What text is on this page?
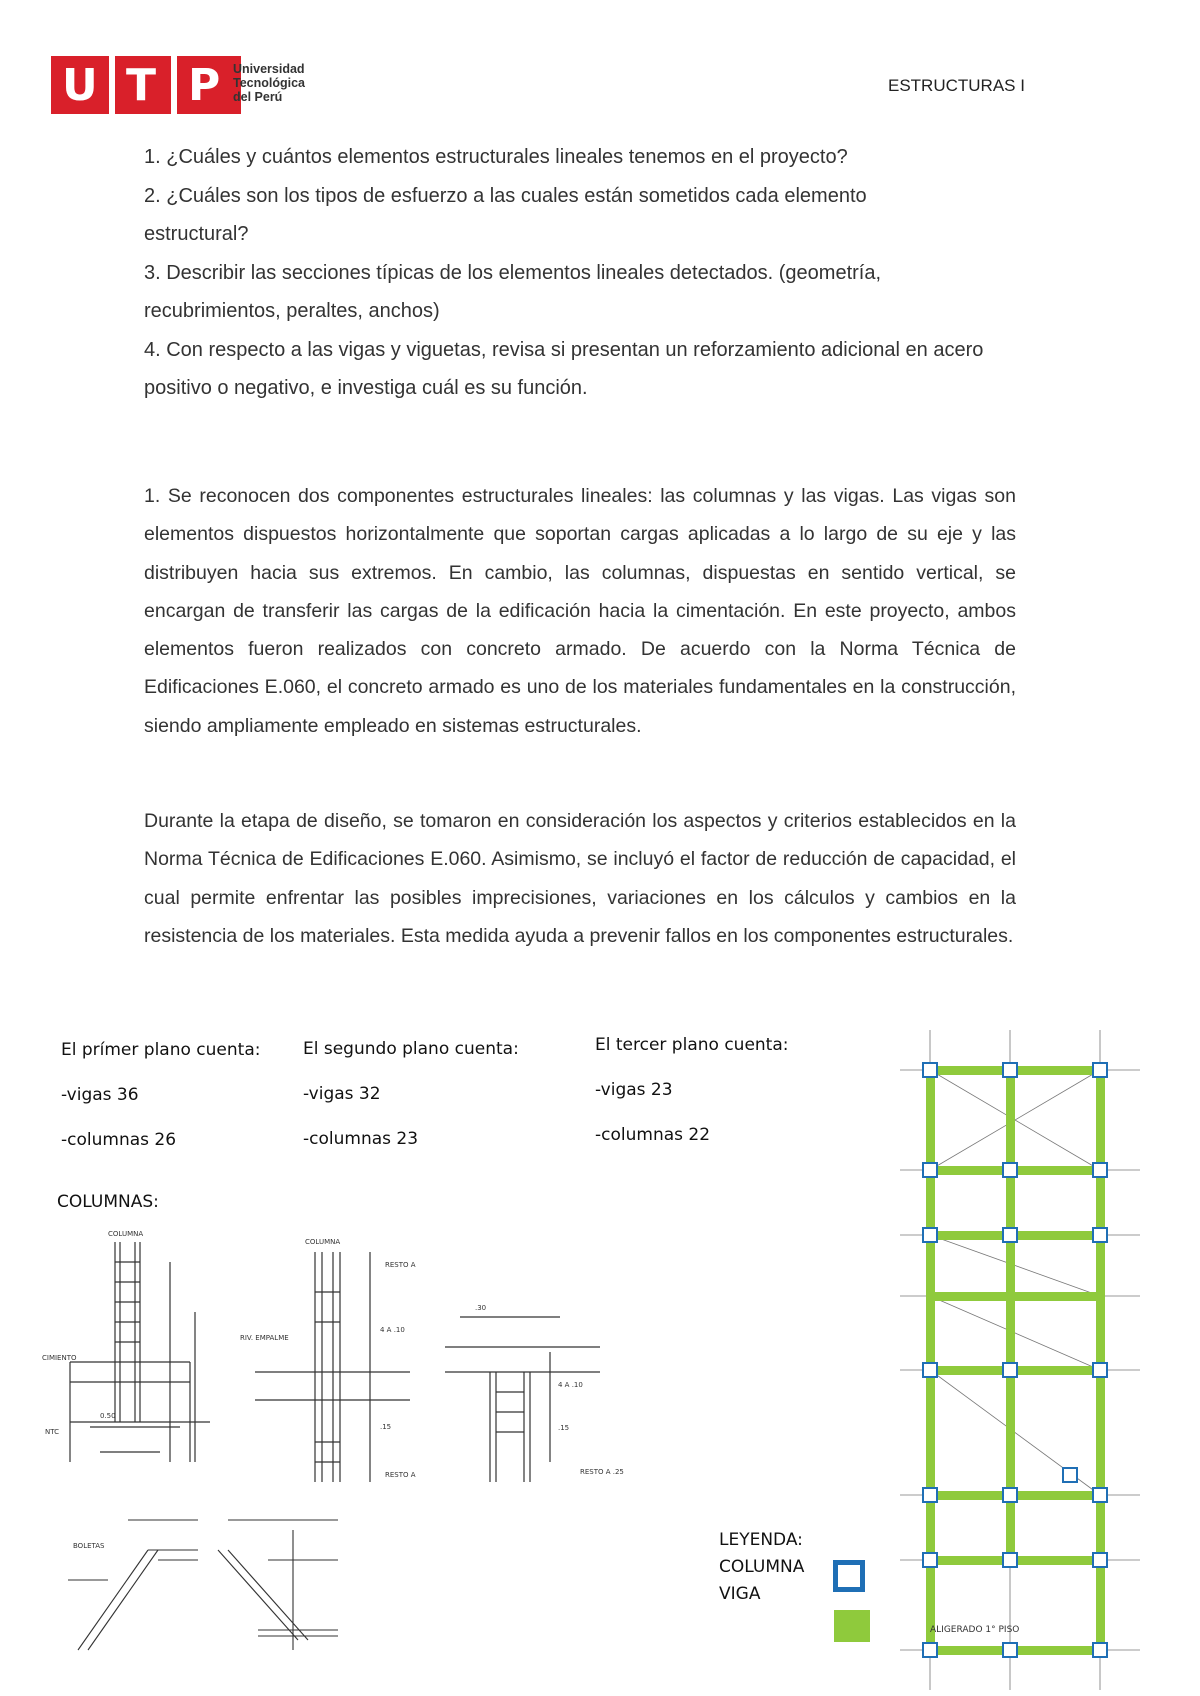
U T P Universidad
Tecnológica
del Perú
ESTRUCTURAS I
1. ¿Cuáles y cuántos elementos estructurales lineales tenemos en el proyecto?
2. ¿Cuáles son los tipos de esfuerzo a las cuales están sometidos cada elemento estructural?
3. Describir las secciones típicas de los elementos lineales detectados. (geometría, recubrimientos, peraltes, anchos)
4. Con respecto a las vigas y viguetas, revisa si presentan un reforzamiento adicional en acero positivo o negativo, e investiga cuál es su función.
1. Se reconocen dos componentes estructurales lineales: las columnas y las vigas. Las vigas son elementos dispuestos horizontalmente que soportan cargas aplicadas a lo largo de su eje y las distribuyen hacia sus extremos. En cambio, las columnas, dispuestas en sentido vertical, se encargan de transferir las cargas de la edificación hacia la cimentación. En este proyecto, ambos elementos fueron realizados con concreto armado. De acuerdo con la Norma Técnica de Edificaciones E.060, el concreto armado es uno de los materiales fundamentales en la construcción, siendo ampliamente empleado en sistemas estructurales.
Durante la etapa de diseño, se tomaron en consideración los aspectos y criterios establecidos en la Norma Técnica de Edificaciones E.060. Asimismo, se incluyó el factor de reducción de capacidad, el cual permite enfrentar las posibles imprecisiones, variaciones en los cálculos y cambios en la resistencia de los materiales. Esta medida ayuda a prevenir fallos en los componentes estructurales.
El prímer plano cuenta:
-vigas 36
-columnas 26
El segundo plano cuenta:
-vigas 32
-columnas 23
El tercer plano cuenta:
-vigas 23
-columnas 22
COLUMNAS:
COLUMNA
CIMIENTO
NTC
0.50
COLUMNA
RESTO A
4 A .10
RIV. EMPALME
.15
RESTO A
.30
4 A .10
.15
RESTO A .25
BOLETAS
ALIGERADO 1° PISO
LEYENDA:
COLUMNA
VIGA
